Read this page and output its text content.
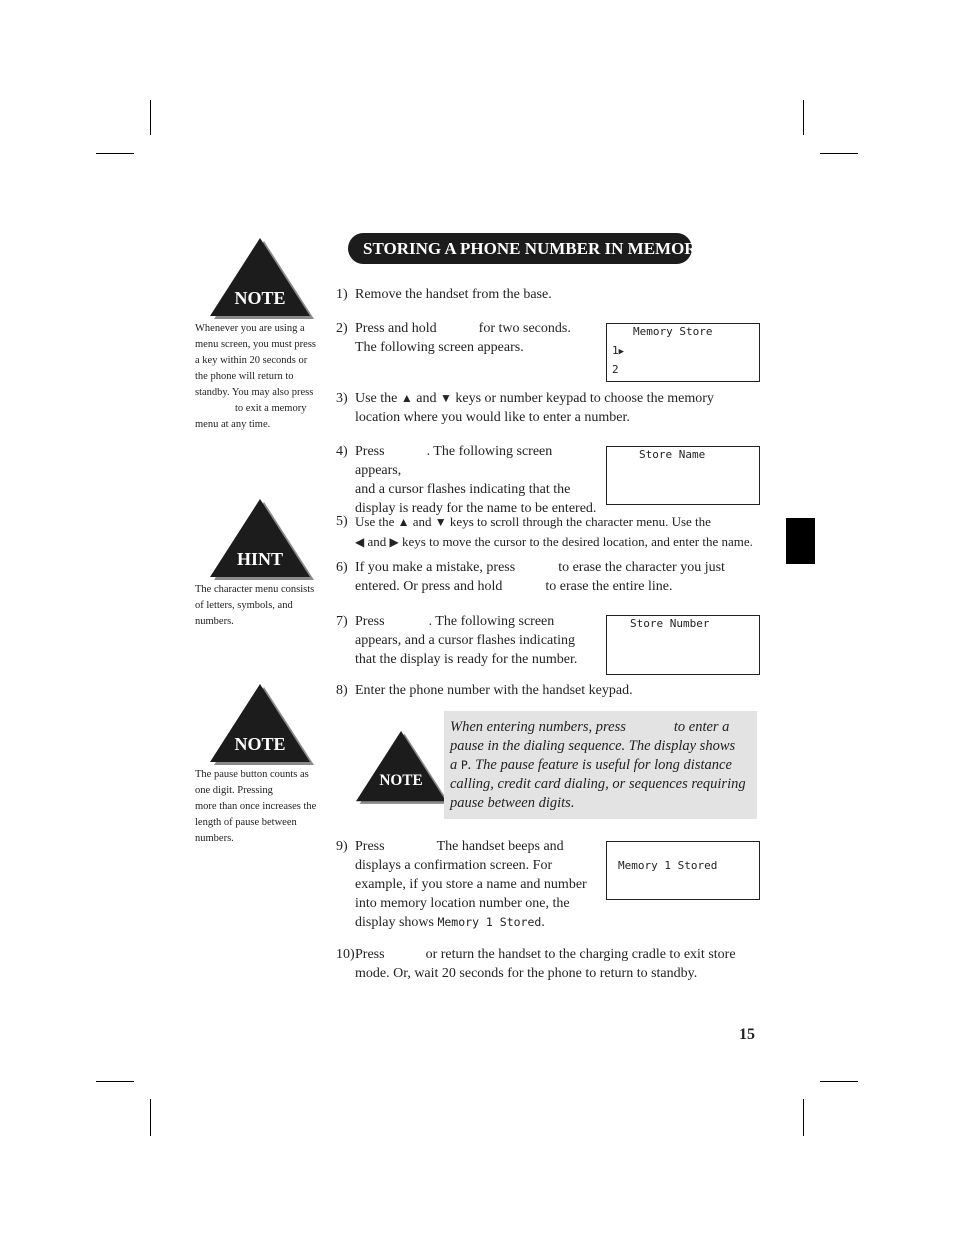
STORING A PHONE NUMBER IN MEMORY
NOTE
Whenever you are using a menu screen, you must press a key within 20 seconds or the phone will return to standby. You may also pressto exit a memory menu at any time.
HINT
The character menu consists of letters, symbols, and numbers.
NOTE
The pause button counts as one digit. Pressing
more than once increases the length of pause between numbers.
NOTE
1) Remove the handset from the base.
2) Press and hold	for two seconds.
The following screen appears.
3) Use the ▲ and ▼ keys or number keypad to choose the memory
location where you would like to enter a number.
4) Press	. The following screen appears,
and a cursor flashes indicating that the
display is ready for the name to be entered.
5) Use the ▲ and ▼ keys to scroll through the character menu. Use the
◀ and ▶ keys to move the cursor to the desired location, and enter the name.
6) If you make a mistake, press	to erase the character you just
entered. Or press and hold	to erase the entire line.
7) Press	. The following screen
appears, and a cursor flashes indicating
that the display is ready for the number.
8) Enter the phone number with the handset keypad.
9) Press	The handset beeps and
displays a confirmation screen. For
example, if you store a name and number
into memory location number one, the
display shows Memory 1 Stored.
10) Press	or return the handset to the charging cradle to exit store
mode. Or, wait 20 seconds for the phone to return to standby.
When entering numbers, press	to enter a
pause in the dialing sequence. The display shows
a P. The pause feature is useful for long distance
calling, credit card dialing, or sequences requiring
pause between digits.
Memory Store
1▶
2
Store Name
Store Number
Memory 1 Stored
15
